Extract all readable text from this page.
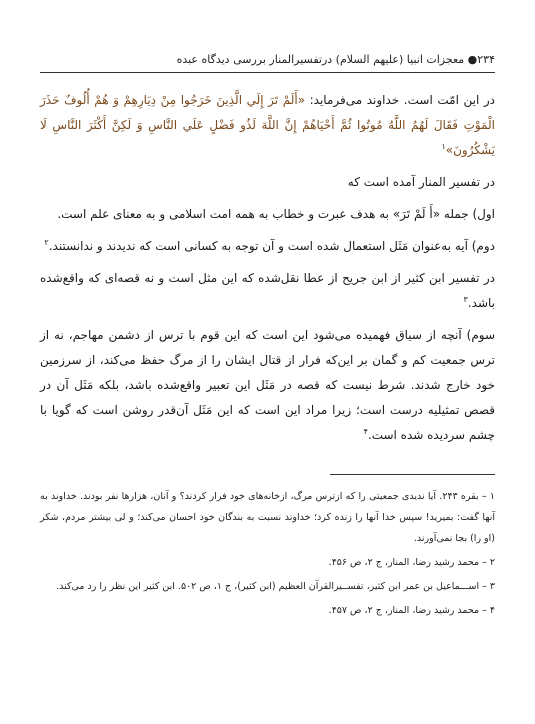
۲۳۴● معجزات انبیا (علیهم السلام) درتفسیرالمنار بررسی دیدگاه عبده

در این امّت است. خداوند می‌فرماید: «أَلَمْ تَرَ إِلَي الَّذِينَ خَرَجُوا مِنْ دِيَارِهِمْ وَ هُمْ أُلُوفٌ حَذَرَ الْمَوْتِ فَقَالَ لَهُمُ اللَّهُ مُوتُوا ثُمَّ أَحْيَاهُمْ إِنَّ اللَّهَ لَذُو فَضْلٍ عَلَي النَّاسِ وَ لَكِنَّ أَكْثَرَ النَّاسِ لَا يَشْكُرُونَ»$^۱$

در تفسیر المنار آمده است که

اول) جمله «أَ لَمْ تَرَ» به هدف عبرت و خطاب به همه امت اسلامی و به معنای علم است.

دوم) آیه به‌عنوان مَثَل استعمال شده است و آن توجه به کسانی است که ندیدند و ندانستند.$^۲$

در تفسیر ابن کثیر از ابن جریح از عطا نقل‌شده که این مثل است و نه قصه‌ای که واقع‌شده باشد.$^۳$

سوم) آنچه از سیاق فهمیده می‌شود این است که این قوم با ترس از دشمن مهاجم، نه از ترس جمعیت کم و گمان بر این‌که فرار از قتال ایشان را از مرگ حفظ می‌کند، از سرزمین خود خارج شدند. شرط نیست که قصه در مَثَل این تعبیر واقع‌شده باشد، بلکه مَثَل آن در قصص تمثیلیه درست است؛ زیرا مراد این است که این مَثَل آن‌قدر روشن است که گویا با چشم سردیده شده است.$^۴$

۱ – بقره ۲۴۳. آیا ندیدی جمعیتی را که ازترس مرگ، ازخانه‌های خود فرار کردند؟ و آنان، هزارها نفر بودند. خداوند به آنها گفت: بمیرید! سپس خدا آنها را زنده کرد؛ خداوند نسبت به بندگان خود احسان می‌کند؛ و لی بیشتر مردم، شکر (او را) بجا نمی‌آورند.

۲ – محمد رشید رضا، المنار، ج ۲، ص ۴۵۶.

۳ – اســـماعیل بن عمر ابن کثیر، تفســیرالقرآن العظیم (ابن کثیر)، ج ۱، ص ۵۰۲. ابن کثیر این نظر را رد می‌کند.

۴ – محمد رشید رضا، المنار، ج ۲، ص ۴۵۷.
